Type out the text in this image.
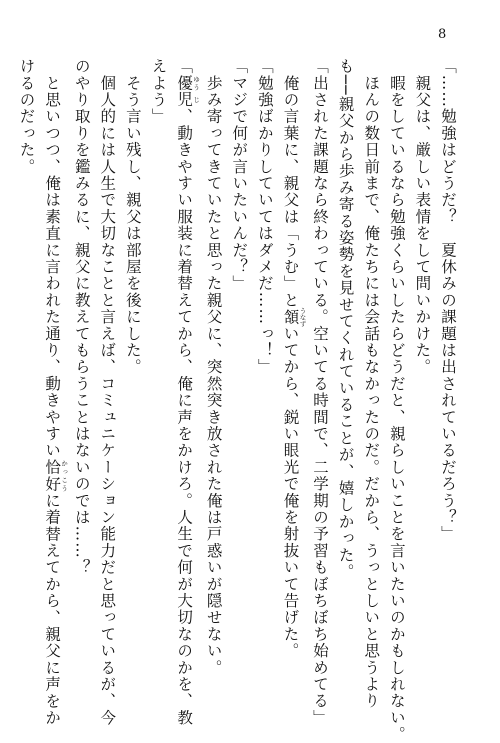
8
「……勉強はどうだ？　夏休みの課題は出されているだろう？」
　親父は、厳しい表情をして問いかけた。
　暇をしているなら勉強くらいしたらどうだと、親らしいことを言いたいのかもしれない。
　ほんの数日前まで、俺たちには会話もなかったのだ。だから、うっとしいと思うより
も──親父から歩み寄る姿勢を見せてくれていることが、嬉しかった。
「出された課題なら終わっている。空いてる時間で、二学期の予習もぼちぼち始めてる」
　俺の言葉に、親父は「うむ」と頷 うなずいてから、鋭い眼光で俺を射抜いて告げた。
「勉強ばかりしていてはダメだ……っ！」
「マジで何が言いたいんだ？」
　歩み寄ってきていたと思った親父に、突然突き放された俺は戸惑いが隠せない。
「優 ゆう児 じ、動きやすい服装に着替えてから、俺に声をかけろ。人生で何が大切なのかを、教
えよう」
　そう言い残し、親父は部屋を後にした。
　個人的には人生で大切なことと言えば、コミュニケーション能力だと思っているが、今
のやり取りを鑑みるに、親父に教えてもらうことはないのでは……？
　と思いつつ、俺は素直に言われた通り、動きやすい恰 かっ好 こうに着替えてから、親父に声をか
けるのだった。
